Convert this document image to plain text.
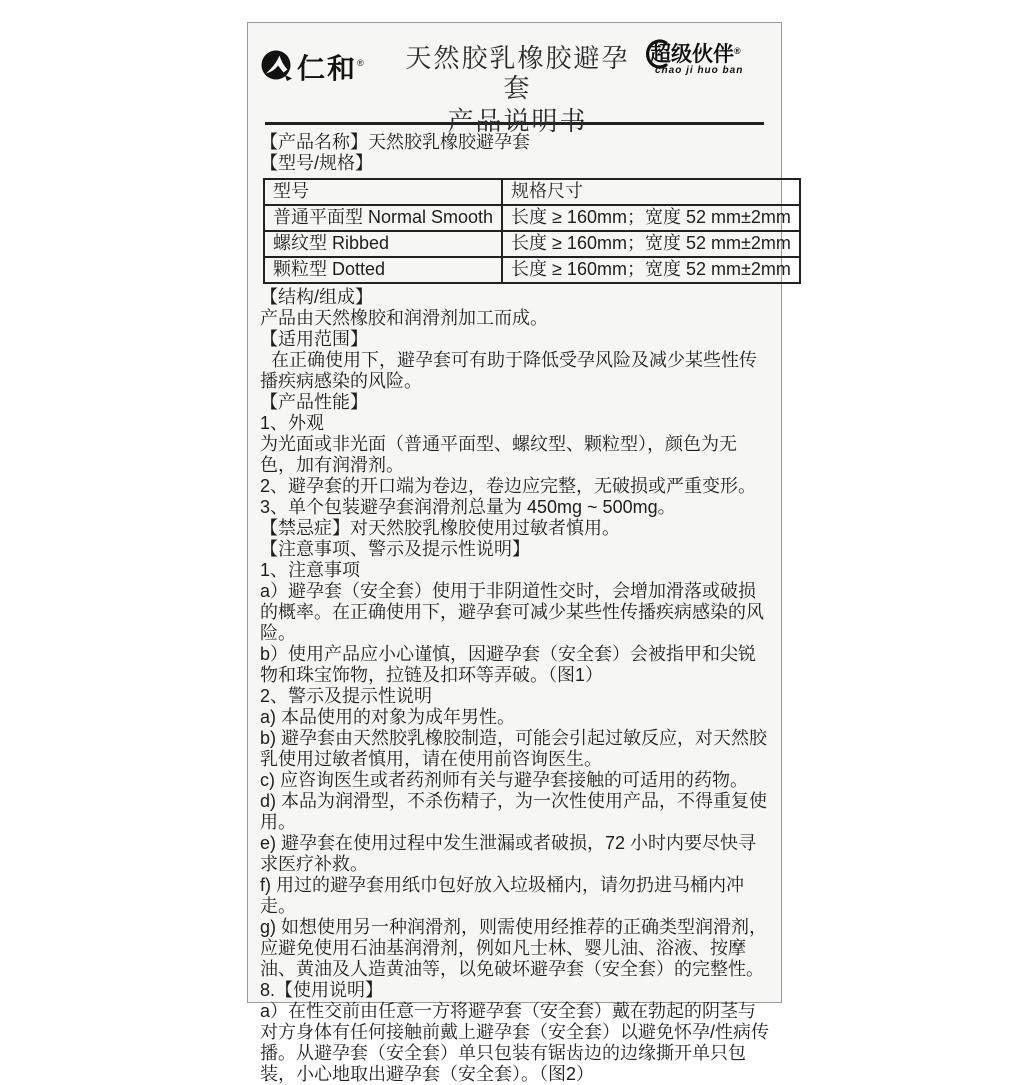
仁和 ®	天然胶乳橡胶避孕套
产品说明书
超级伙伴®
chao ji huo ban

【产品名称】天然胶乳橡胶避孕套

【型号/规格】

型号	规格尺寸
普通平面型 Normal Smooth	长度 ≥ 160mm；宽度 52 mm±2mm
螺纹型 Ribbed	长度 ≥ 160mm；宽度 52 mm±2mm
颗粒型 Dotted	长度 ≥ 160mm；宽度 52 mm±2mm

【结构/组成】

产品由天然橡胶和润滑剂加工而成。

【适用范围】

在正确使用下，避孕套可有助于降低受孕风险及减少某些性传播疾病感染的风险。

【产品性能】

1、外观

为光面或非光面（普通平面型、螺纹型、颗粒型），颜色为无色，加有润滑剂。

2、避孕套的开口端为卷边，卷边应完整，无破损或严重变形。

3、单个包装避孕套润滑剂总量为 450mg ~ 500mg。

【禁忌症】对天然胶乳橡胶使用过敏者慎用。

【注意事项、警示及提示性说明】

1、注意事项

a）避孕套（安全套）使用于非阴道性交时，会增加滑落或破损的概率。在正确使用下，避孕套可减少某些性传播疾病感染的风险。

b）使用产品应小心谨慎，因避孕套（安全套）会被指甲和尖锐物和珠宝饰物，拉链及扣环等弄破。（图1）

2、警示及提示性说明

a) 本品使用的对象为成年男性。

b) 避孕套由天然胶乳橡胶制造，可能会引起过敏反应，对天然胶乳使用过敏者慎用，请在使用前咨询医生。

c) 应咨询医生或者药剂师有关与避孕套接触的可适用的药物。

d) 本品为润滑型，不杀伤精子，为一次性使用产品，不得重复使用。

e) 避孕套在使用过程中发生泄漏或者破损，72 小时内要尽快寻求医疗补救。

f) 用过的避孕套用纸巾包好放入垃圾桶内，请勿扔进马桶内冲走。

g) 如想使用另一种润滑剂，则需使用经推荐的正确类型润滑剂，应避免使用石油基润滑剂，例如凡士林、婴儿油、浴液、按摩油、黄油及人造黄油等，以免破坏避孕套（安全套）的完整性。

8.【使用说明】

a）在性交前由任意一方将避孕套（安全套）戴在勃起的阴茎与对方身体有任何接触前戴上避孕套（安全套）以避免怀孕/性病传播。从避孕套（安全套）单只包装有锯齿边的边缘撕开单只包装，小心地取出避孕套（安全套）。（图2）
